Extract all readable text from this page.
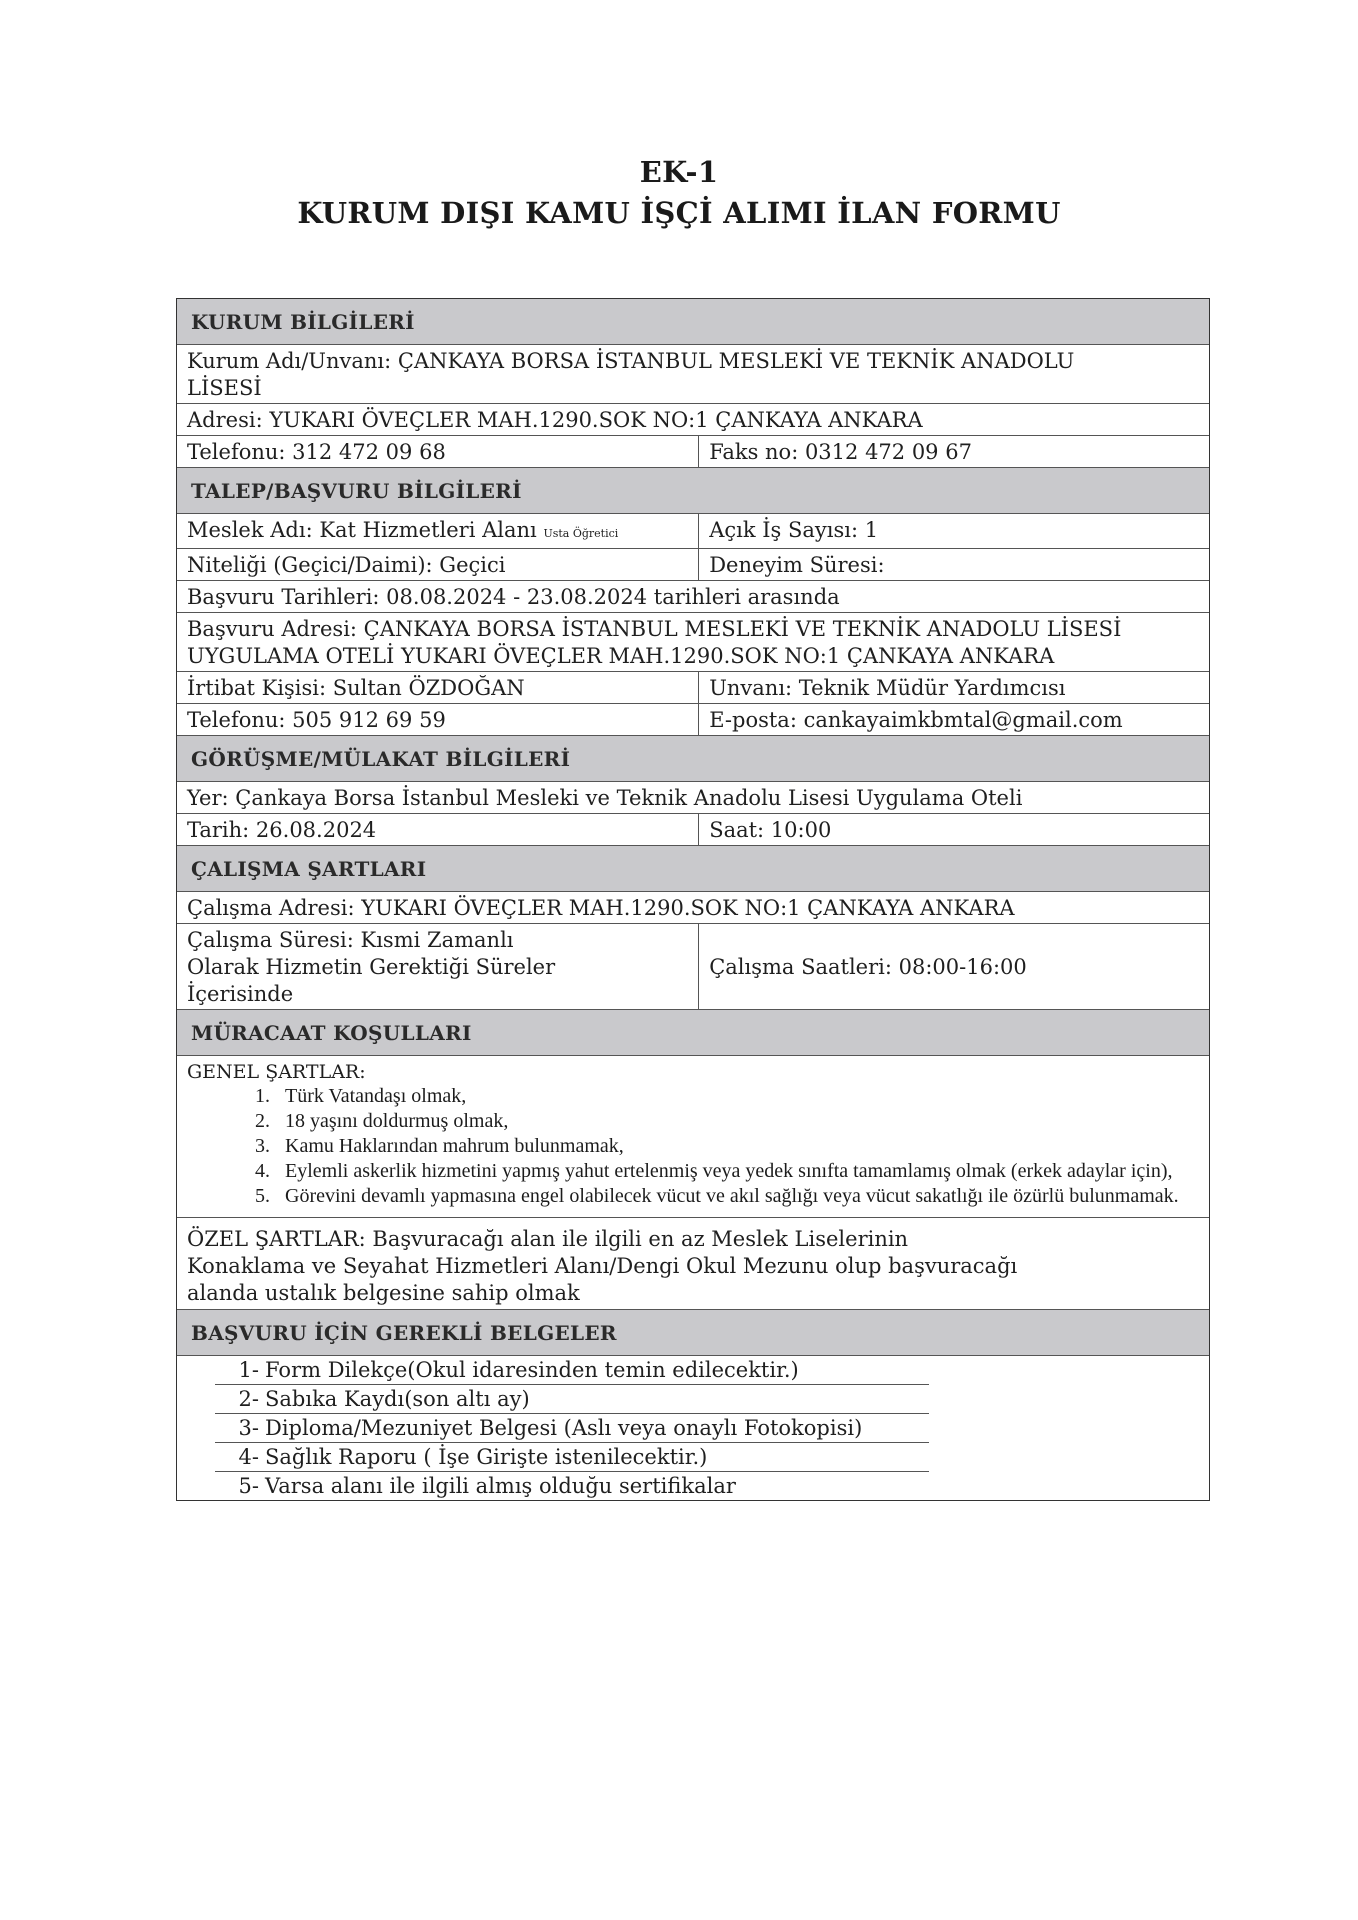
EK-1
KURUM DIŞI KAMU İŞÇİ ALIMI İLAN FORMU
KURUM BİLGİLERİ
Kurum Adı/Unvanı: ÇANKAYA BORSA İSTANBUL MESLEKİ VE TEKNİK ANADOLU LİSESİ
Adresi: YUKARI ÖVEÇLER MAH.1290.SOK NO:1 ÇANKAYA ANKARA
Telefonu: 312 472 09 68	Faks no: 0312 472 09 67
TALEP/BAŞVURU BİLGİLERİ
Meslek Adı: Kat Hizmetleri Alanı Usta Öğretici	Açık İş Sayısı: 1
Niteliği (Geçici/Daimi): Geçici	Deneyim Süresi:
Başvuru Tarihleri: 08.08.2024 - 23.08.2024 tarihleri arasında
Başvuru Adresi: ÇANKAYA BORSA İSTANBUL MESLEKİ VE TEKNİK ANADOLU LİSESİ UYGULAMA OTELİ YUKARI ÖVEÇLER MAH.1290.SOK NO:1 ÇANKAYA ANKARA
İrtibat Kişisi: Sultan ÖZDOĞAN	Unvanı: Teknik Müdür Yardımcısı
Telefonu: 505 912 69 59	E-posta: cankayaimkbmtal@gmail.com
GÖRÜŞME/MÜLAKAT BİLGİLERİ
Yer: Çankaya Borsa İstanbul Mesleki ve Teknik Anadolu Lisesi Uygulama Oteli
Tarih: 26.08.2024	Saat: 10:00
ÇALIŞMA ŞARTLARI
Çalışma Adresi: YUKARI ÖVEÇLER MAH.1290.SOK NO:1 ÇANKAYA ANKARA
Çalışma Süresi: Kısmi Zamanlı Olarak Hizmetin Gerektiği Süreler İçerisinde
Çalışma Saatleri: 08:00-16:00
MÜRACAAT KOŞULLARI
GENEL ŞARTLAR:
1. Türk Vatandaşı olmak,
2. 18 yaşını doldurmuş olmak,
3. Kamu Haklarından mahrum bulunmamak,
4. Eylemli askerlik hizmetini yapmış yahut ertelenmiş veya yedek sınıfta tamamlamış olmak (erkek adaylar için),
5. Görevini devamlı yapmasına engel olabilecek vücut ve akıl sağlığı veya vücut sakatlığı ile özürlü bulunmamak.
ÖZEL ŞARTLAR: Başvuracağı alan ile ilgili en az Meslek Liselerinin Konaklama ve Seyahat Hizmetleri Alanı/Dengi Okul Mezunu olup başvuracağı alanda ustalık belgesine sahip olmak
BAŞVURU İÇİN GEREKLİ BELGELER
1- Form Dilekçe(Okul idaresinden temin edilecektir.)
2- Sabıka Kaydı(son altı ay)
3- Diploma/Mezuniyet Belgesi (Aslı veya onaylı Fotokopisi)
4- Sağlık Raporu ( İşe Girişte istenilecektir.)
5- Varsa alanı ile ilgili almış olduğu sertifikalar
